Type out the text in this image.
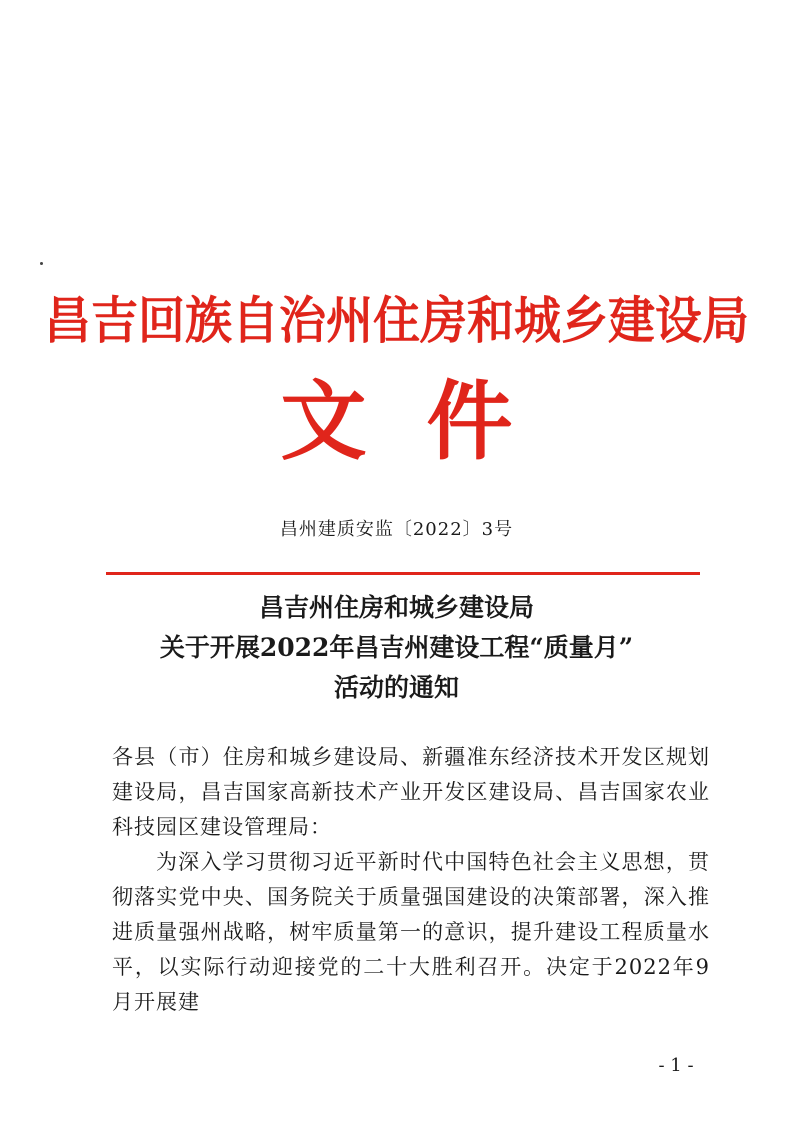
昌吉回族自治州住房和城乡建设局
文件
昌州建质安监〔2022〕3号
昌吉州住房和城乡建设局
关于开展2022年昌吉州建设工程“质量月”
活动的通知

各县（市）住房和城乡建设局、新疆准东经济技术开发区规划建设局，昌吉国家高新技术产业开发区建设局、昌吉国家农业科技园区建设管理局：

为深入学习贯彻习近平新时代中国特色社会主义思想，贯彻落实党中央、国务院关于质量强国建设的决策部署，深入推进质量强州战略，树牢质量第一的意识，提升建设工程质量水平，以实际行动迎接党的二十大胜利召开。决定于2022年9月开展建

- 1 -
